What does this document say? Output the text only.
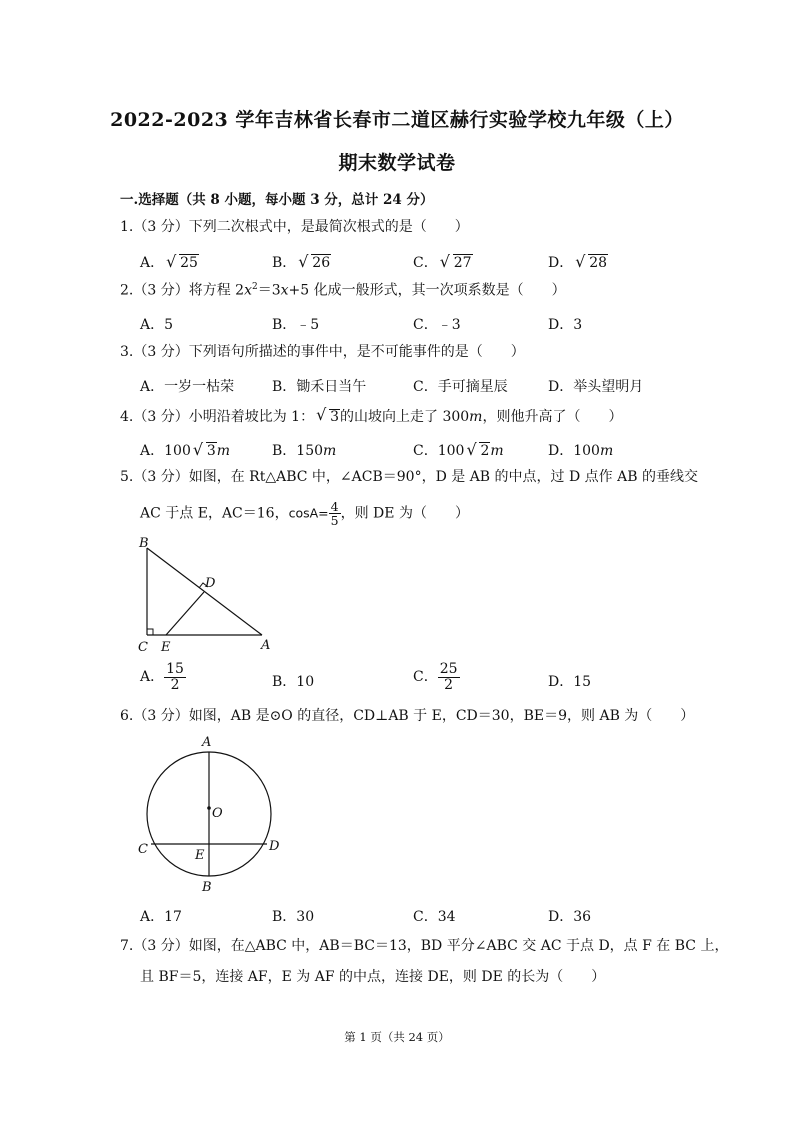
2022-2023 学年吉林省长春市二道区赫行实验学校九年级（上）
期末数学试卷
一.选择题（共 8 小题，每小题 3 分，总计 24 分）
1.（3 分）下列二次根式中，是最简次根式的是（　　）
A． √ 25	B． √ 26	C． √ 27	D． √ 28
2.（3 分）将方程 $2x^2=3x+5$ 化成一般形式，其一次项系数是（　　）
A．5	B．﹣5	C．﹣3	D．3
3.（3 分）下列语句所描述的事件中，是不可能事件的是（　　）
A．一岁一枯荣	B．锄禾日当午	C．手可摘星辰	D．举头望明月
4.（3 分）小明沿着坡比为 1： √ 3的山坡向上走了 300m，则他升高了（　　）
A．100 √ 3m	B．150m	C．100 √ 2m	D．100m
5.（3 分）如图，在 Rt△ABC 中，∠ACB＝90°，D 是 AB 的中点，过 D 点作 AB 的垂线交
AC 于点 E，AC＝16，$\cos A= \frac{4}{5}$ ，则 DE 为（　　）
B
D
C E	A
A． $\frac{15}{2}$	B．10	C． $\frac{25}{2}$	D．15
6.（3 分）如图，AB 是⊙O 的直径，CD⊥AB 于 E，CD＝30，BE＝9，则 AB 为（　　）
A
O
C	E
D
B
A．17	B．30	C．34	D．36
7.（3 分）如图，在△ABC 中，AB＝BC＝13，BD 平分∠ABC 交 AC 于点 D，点 F 在 BC 上，
且 BF＝5，连接 AF，E 为 AF 的中点，连接 DE，则 DE 的长为（　　）
第 1 页（共 24 页）
